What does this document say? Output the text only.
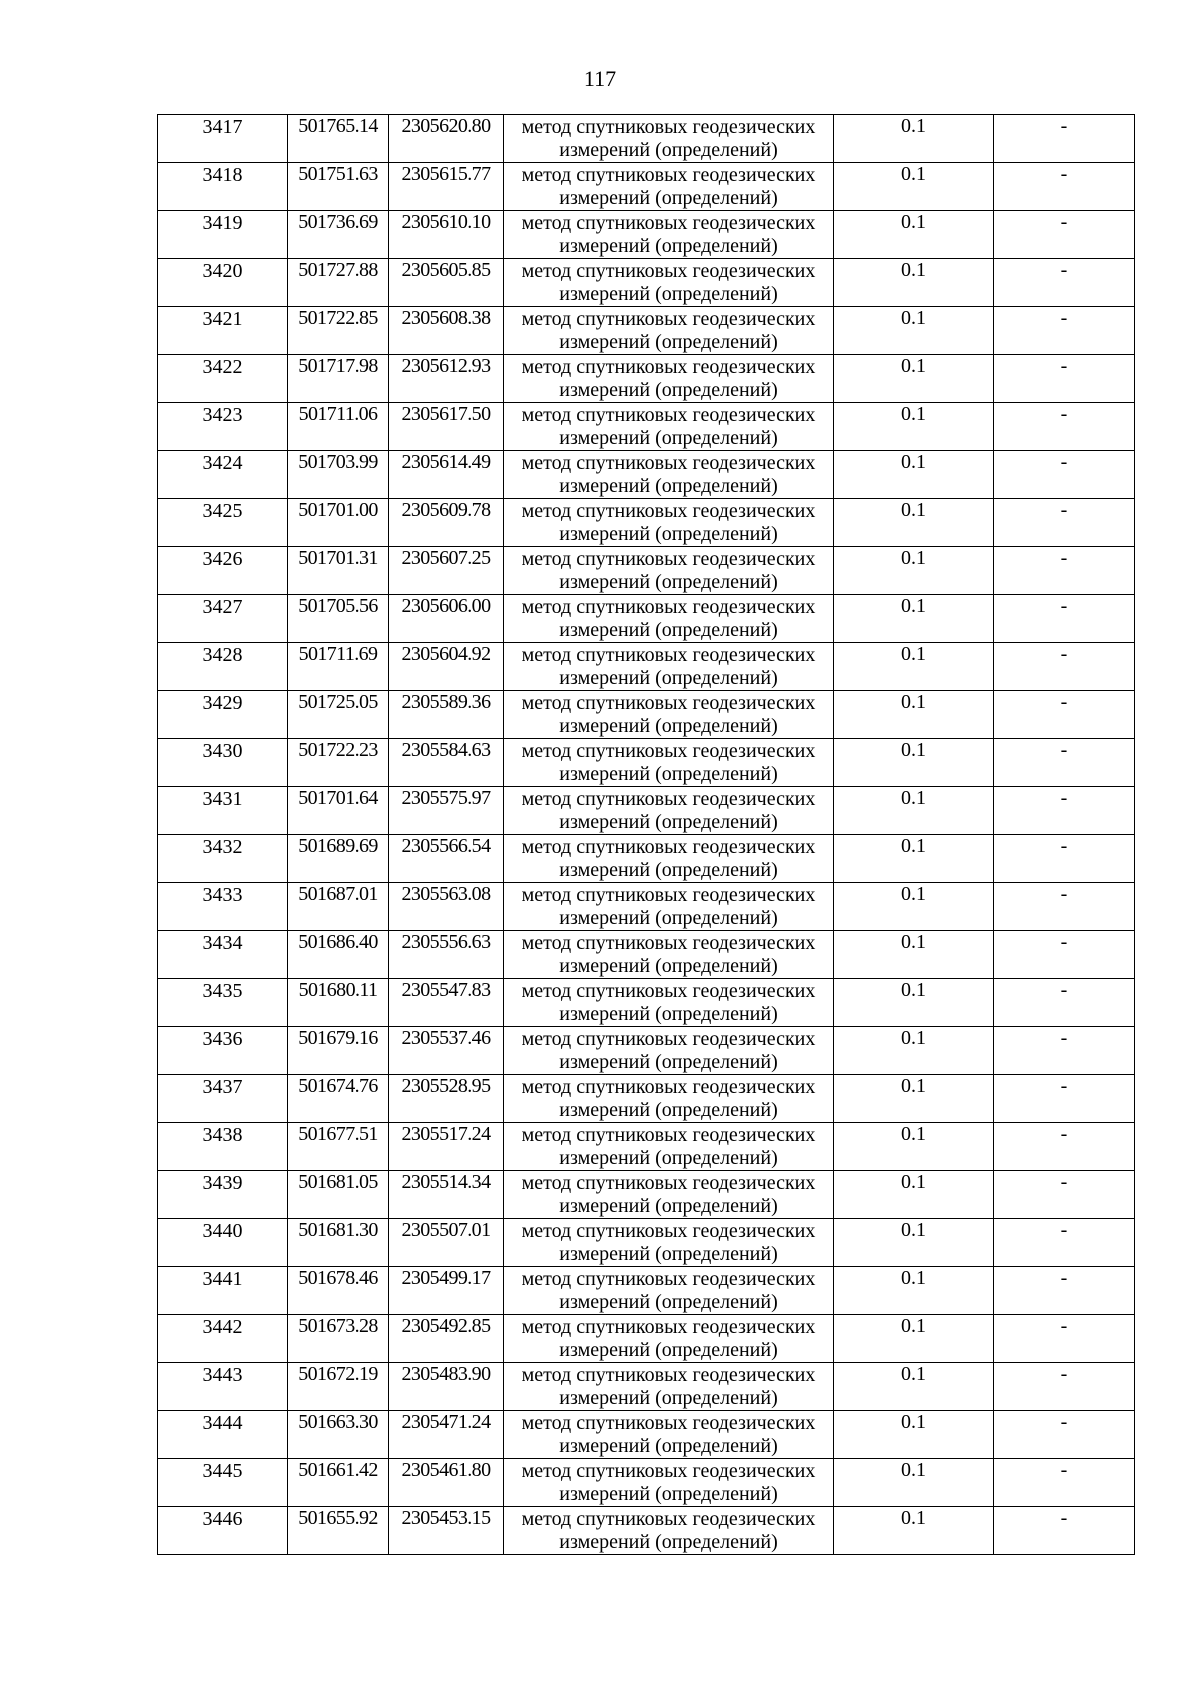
117
3417	501765.14	2305620.80	метод спутниковых геодезических
измерений (определений)	0.1	-
3418	501751.63	2305615.77	метод спутниковых геодезических
измерений (определений)	0.1	-
3419	501736.69	2305610.10	метод спутниковых геодезических
измерений (определений)	0.1	-
3420	501727.88	2305605.85	метод спутниковых геодезических
измерений (определений)	0.1	-
3421	501722.85	2305608.38	метод спутниковых геодезических
измерений (определений)	0.1	-
3422	501717.98	2305612.93	метод спутниковых геодезических
измерений (определений)	0.1	-
3423	501711.06	2305617.50	метод спутниковых геодезических
измерений (определений)	0.1	-
3424	501703.99	2305614.49	метод спутниковых геодезических
измерений (определений)	0.1	-
3425	501701.00	2305609.78	метод спутниковых геодезических
измерений (определений)	0.1	-
3426	501701.31	2305607.25	метод спутниковых геодезических
измерений (определений)	0.1	-
3427	501705.56	2305606.00	метод спутниковых геодезических
измерений (определений)	0.1	-
3428	501711.69	2305604.92	метод спутниковых геодезических
измерений (определений)	0.1	-
3429	501725.05	2305589.36	метод спутниковых геодезических
измерений (определений)	0.1	-
3430	501722.23	2305584.63	метод спутниковых геодезических
измерений (определений)	0.1	-
3431	501701.64	2305575.97	метод спутниковых геодезических
измерений (определений)	0.1	-
3432	501689.69	2305566.54	метод спутниковых геодезических
измерений (определений)	0.1	-
3433	501687.01	2305563.08	метод спутниковых геодезических
измерений (определений)	0.1	-
3434	501686.40	2305556.63	метод спутниковых геодезических
измерений (определений)	0.1	-
3435	501680.11	2305547.83	метод спутниковых геодезических
измерений (определений)	0.1	-
3436	501679.16	2305537.46	метод спутниковых геодезических
измерений (определений)	0.1	-
3437	501674.76	2305528.95	метод спутниковых геодезических
измерений (определений)	0.1	-
3438	501677.51	2305517.24	метод спутниковых геодезических
измерений (определений)	0.1	-
3439	501681.05	2305514.34	метод спутниковых геодезических
измерений (определений)	0.1	-
3440	501681.30	2305507.01	метод спутниковых геодезических
измерений (определений)	0.1	-
3441	501678.46	2305499.17	метод спутниковых геодезических
измерений (определений)	0.1	-
3442	501673.28	2305492.85	метод спутниковых геодезических
измерений (определений)	0.1	-
3443	501672.19	2305483.90	метод спутниковых геодезических
измерений (определений)	0.1	-
3444	501663.30	2305471.24	метод спутниковых геодезических
измерений (определений)	0.1	-
3445	501661.42	2305461.80	метод спутниковых геодезических
измерений (определений)	0.1	-
3446	501655.92	2305453.15	метод спутниковых геодезических
измерений (определений)	0.1	-
